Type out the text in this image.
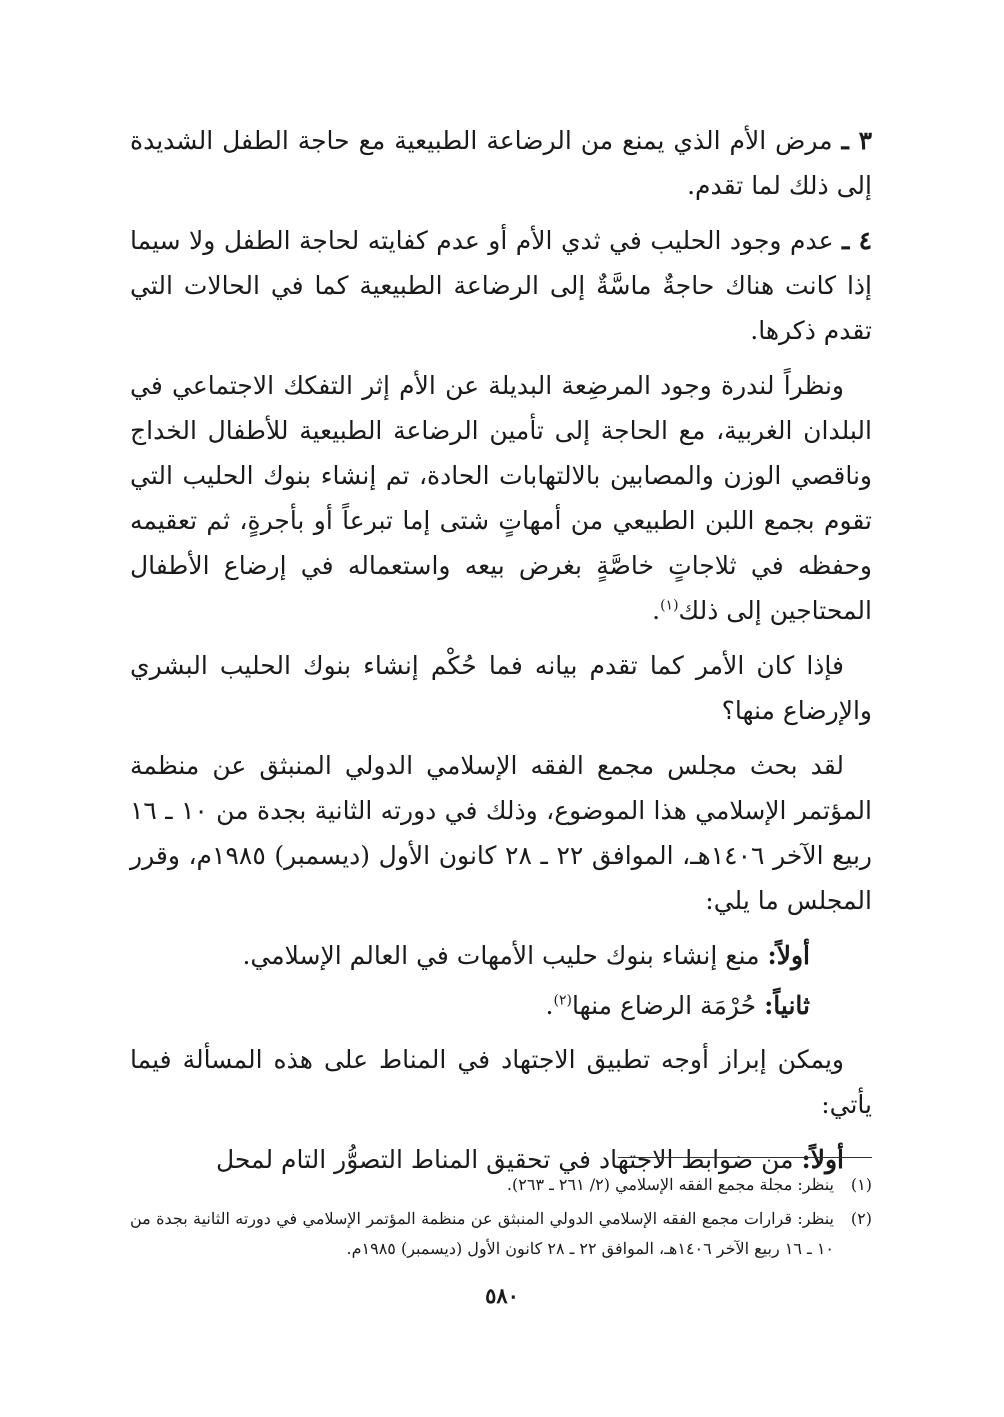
٣ ـ مرض الأم الذي يمنع من الرضاعة الطبيعية مع حاجة الطفل الشديدة إلى ذلك لما تقدم.

٤ ـ عدم وجود الحليب في ثدي الأم أو عدم كفايته لحاجة الطفل ولا سيما إذا كانت هناك حاجةٌ ماسَّةٌ إلى الرضاعة الطبيعية كما في الحالات التي تقدم ذكرها.

ونظراً لندرة وجود المرضِعة البديلة عن الأم إثر التفكك الاجتماعي في البلدان الغربية، مع الحاجة إلى تأمين الرضاعة الطبيعية للأطفال الخداج وناقصي الوزن والمصابين بالالتهابات الحادة، تم إنشاء بنوك الحليب التي تقوم بجمع اللبن الطبيعي من أمهاتٍ شتى إما تبرعاً أو بأجرةٍ، ثم تعقيمه وحفظه في ثلاجاتٍ خاصَّةٍ بغرض بيعه واستعماله في إرضاع الأطفال المحتاجين إلى ذلك$^{(١)}$.

فإذا كان الأمر كما تقدم بيانه فما حُكْم إنشاء بنوك الحليب البشري والإرضاع منها؟

لقد بحث مجلس مجمع الفقه الإسلامي الدولي المنبثق عن منظمة المؤتمر الإسلامي هذا الموضوع، وذلك في دورته الثانية بجدة من ١٠ ـ ١٦ ربيع الآخر ١٤٠٦هـ، الموافق ٢٢ ـ ٢٨ كانون الأول (ديسمبر) ١٩٨٥م، وقرر المجلس ما يلي:

أولاً: منع إنشاء بنوك حليب الأمهات في العالم الإسلامي.
ثانياً: حُرْمَة الرضاع منها$^{(٢)}$.

ويمكن إبراز أوجه تطبيق الاجتهاد في المناط على هذه المسألة فيما يأتي:

أولاً: من ضوابط الاجتهاد في تحقيق المناط التصوُّر التام لمحل

(١)
ينظر: مجلة مجمع الفقه الإسلامي (٢/ ٢٦١ ـ ٢٦٣).
(٢)
ينظر: قرارات مجمع الفقه الإسلامي الدولي المنبثق عن منظمة المؤتمر الإسلامي في دورته الثانية بجدة من ١٠ ـ ١٦ ربيع الآخر ١٤٠٦هـ، الموافق ٢٢ ـ ٢٨ كانون الأول (ديسمبر) ١٩٨٥م.
٥٨٠
